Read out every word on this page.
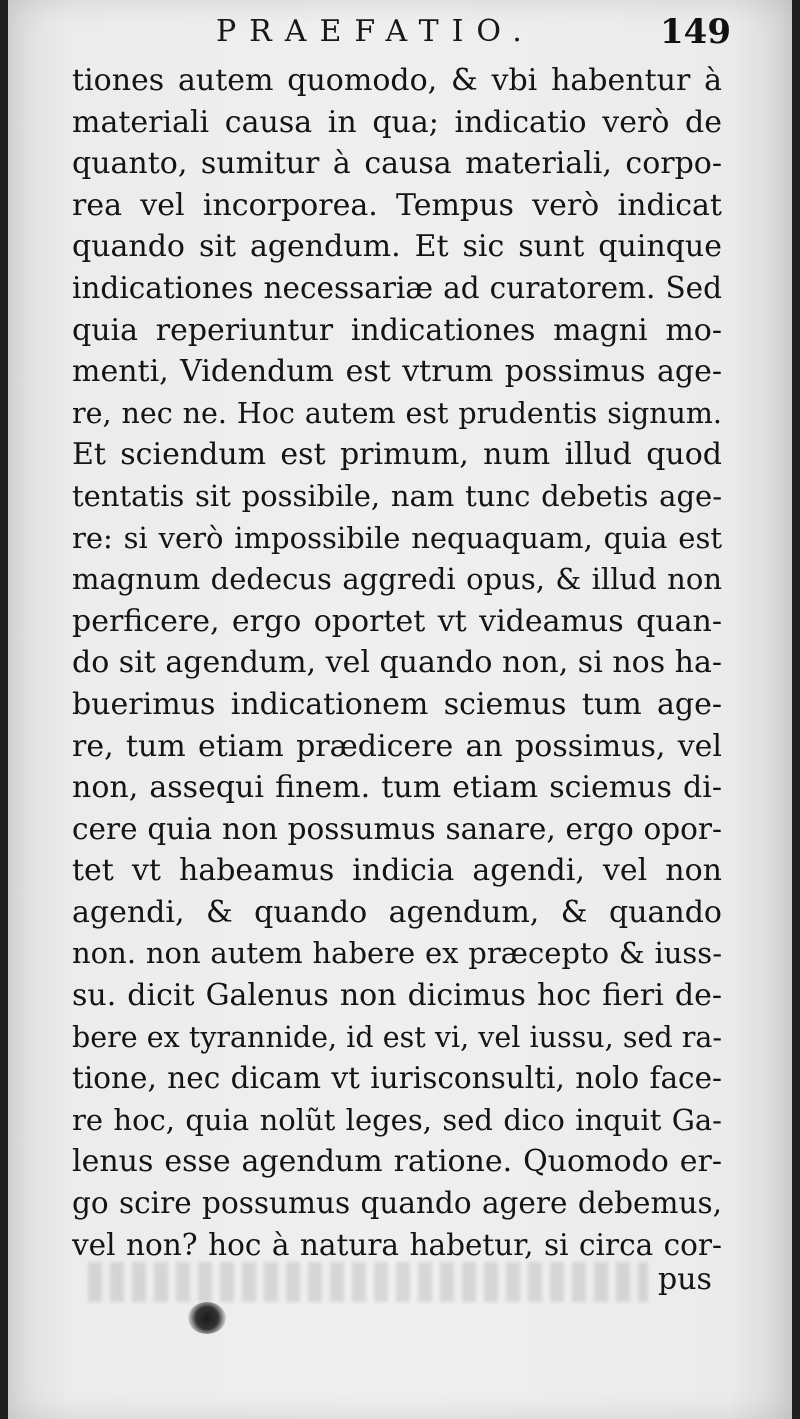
PRAEFATIO.	149
tiones autem quomodo, & vbi habentur à
materiali causa in qua; indicatio verò de
quanto, sumitur à causa materiali, corpo-
rea vel incorporea. Tempus verò indicat
quando sit agendum. Et sic sunt quinque
indicationes necessariæ ad curatorem. Sed
quia reperiuntur indicationes magni mo-
menti, Videndum est vtrum possimus age-
re, nec ne. Hoc autem est prudentis signum.
Et sciendum est primum, num illud quod
tentatis sit possibile, nam tunc debetis age-
re: si verò impossibile nequaquam, quia est
magnum dedecus aggredi opus, & illud non
perficere, ergo oportet vt videamus quan-
do sit agendum, vel quando non, si nos ha-
buerimus indicationem sciemus tum age-
re, tum etiam prædicere an possimus, vel
non, assequi finem. tum etiam sciemus di-
cere quia non possumus sanare, ergo opor-
tet vt habeamus indicia agendi, vel non
agendi, & quando agendum, & quando
non. non autem habere ex præcepto & iuss-
su. dicit Galenus non dicimus hoc fieri de-
bere ex tyrannide, id est vi, vel iussu, sed ra-
tione, nec dicam vt iurisconsulti, nolo face-
re hoc, quia nolũt leges, sed dico inquit Ga-
lenus esse agendum ratione. Quomodo er-
go scire possumus quando agere debemus,
vel non? hoc à natura habetur, si circa cor-
pus
